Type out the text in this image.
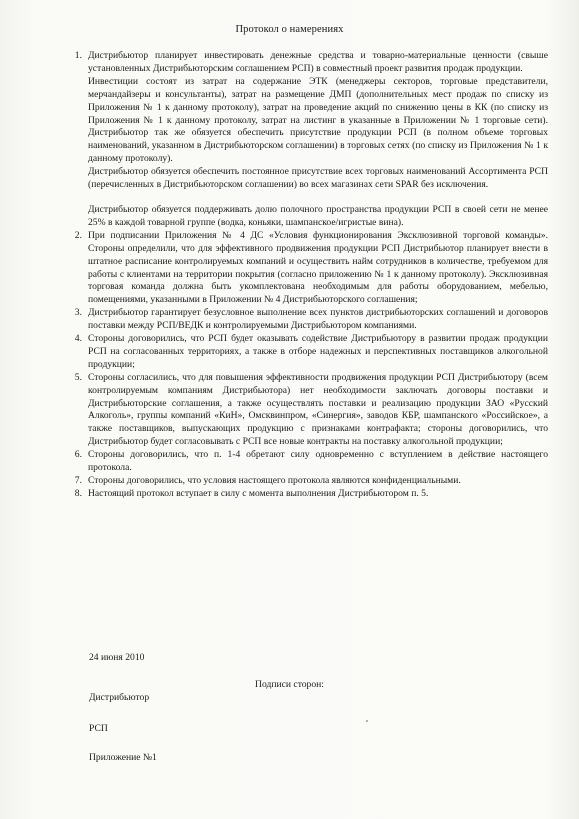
Протокол о намерениях
1. Дистрибьютор планирует инвестировать денежные средства и товарно-материальные ценности (свыше установленных Дистрибьюторским соглашением РСП) в совместный проект развития продаж продукции.

Инвестиции состоят из затрат на содержание ЭТК (менеджеры секторов, торговые представители, мерчандайзеры и консультанты), затрат на размещение ДМП (дополнительных мест продаж по списку из Приложения № 1 к данному протоколу), затрат на проведение акций по снижению цены в КК (по списку из Приложения № 1 к данному протоколу, затрат на листинг в указанные в Приложении № 1 торговые сети). Дистрибьютор так же обязуется обеспечить присутствие продукции РСП (в полном объеме торговых наименований, указанном в Дистрибьюторском соглашении) в торговых сетях (по списку из Приложения № 1 к данному протоколу).

Дистрибьютор обязуется обеспечить постоянное присутствие всех торговых наименований Ассортимента РСП (перечисленных в Дистрибьюторском соглашении) во всех магазинах сети SPAR без исключения.

Дистрибьютор обязуется поддерживать долю полочного пространства продукции РСП в своей сети не менее 25% в каждой товарной группе (водка, коньяки, шампанское/игристые вина).

2. При подписании Приложения № 4 ДС «Условия функционирования Эксклюзивной торговой команды». Стороны определили, что для эффективного продвижения продукции РСП Дистрибьютор планирует внести в штатное расписание контролируемых компаний и осуществить найм сотрудников в количестве, требуемом для работы с клиентами на территории покрытия (согласно приложению № 1 к данному протоколу). Эксклюзивная торговая команда должна быть укомплектована необходимым для работы оборудованием, мебелью, помещениями, указанными в Приложении № 4 Дистрибьюторского соглашения;

3. Дистрибьютор гарантирует безусловное выполнение всех пунктов дистрибьюторских соглашений и договоров поставки между РСП/ВЕДК и контролируемыми Дистрибьютором компаниями.

4. Стороны договорились, что РСП будет оказывать содействие Дистрибьютору в развитии продаж продукции РСП на согласованных территориях, а также в отборе надежных и перспективных поставщиков алкогольной продукции;

5. Стороны согласились, что для повышения эффективности продвижения продукции РСП Дистрибьютору (всем контролируемым компаниям Дистрибьютора) нет необходимости заключать договоры поставки и Дистрибьюторские соглашения, а также осуществлять поставки и реализацию продукции ЗАО «Русский Алкоголь», группы компаний «КиН», Омсквинпром, «Синергия», заводов КБР, шампанского «Российское», а также поставщиков, выпускающих продукцию с признаками контрафакта; стороны договорились, что Дистрибьютор будет согласовывать с РСП все новые контракты на поставку алкогольной продукции;

6. Стороны договорились, что п. 1-4 обретают силу одновременно с вступлением в действие настоящего протокола.

7. Стороны договорились, что условия настоящего протокола являются конфиденциальными.

8. Настоящий протокол вступает в силу с момента выполнения Дистрибьютором п. 5.

24 июня 2010
Подписи сторон:
Дистрибьютор
РСП
Приложение №1
